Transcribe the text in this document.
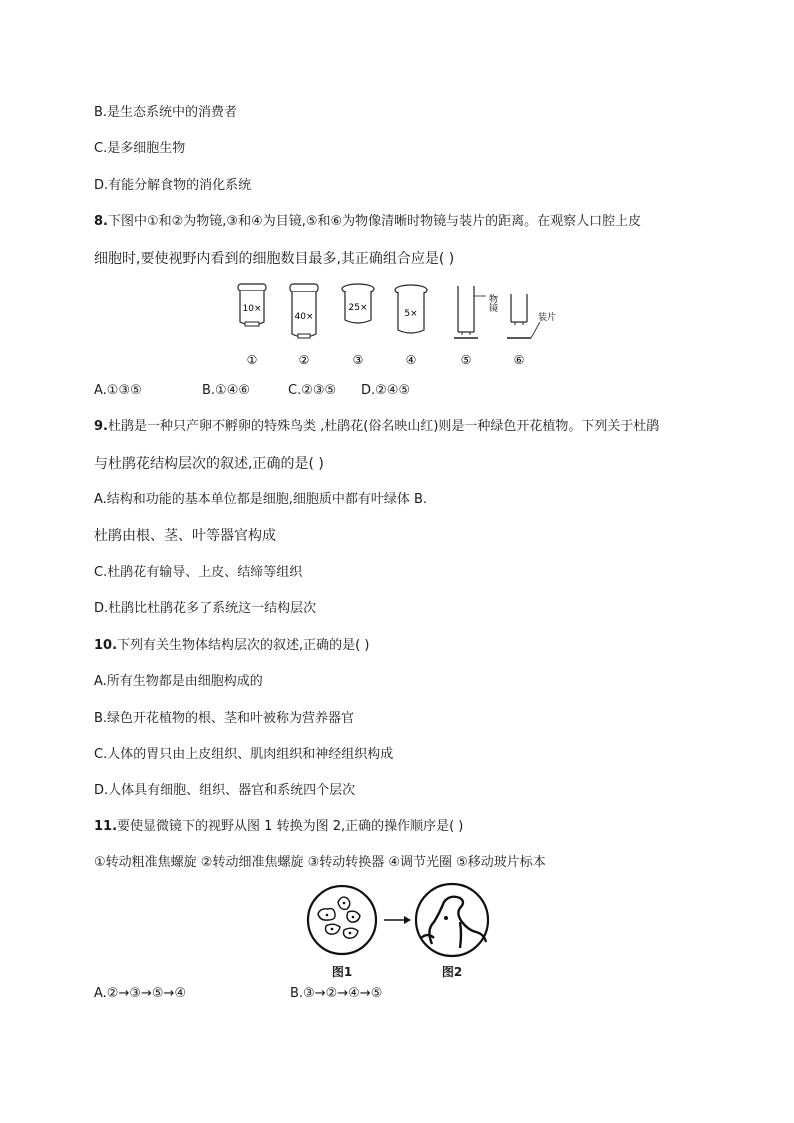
B.是生态系统中的消费者
C.是多细胞生物
D.有能分解食物的消化系统
8.下图中①和②为物镜,③和④为目镜,⑤和⑥为物像清晰时物镜与装片的距离。在观察人口腔上皮
细胞时,要使视野内看到的细胞数目最多,其正确组合应是( )
10×
40×
25×
5×
物镜
装片
①	②	③	④	⑤	⑥
A.①③⑤	B.①④⑥	C.②③⑤ D.②④⑤
9.杜鹃是一种只产卵不孵卵的特殊鸟类 ,杜鹃花(俗名映山红)则是一种绿色开花植物。下列关于杜鹃
与杜鹃花结构层次的叙述,正确的是( )
A.结构和功能的基本单位都是细胞,细胞质中都有叶绿体 B.
杜鹃由根、茎、叶等器官构成
C.杜鹃花有输导、上皮、结缔等组织
D.杜鹃比杜鹃花多了系统这一结构层次
10.下列有关生物体结构层次的叙述,正确的是( )
A.所有生物都是由细胞构成的
B.绿色开花植物的根、茎和叶被称为营养器官
C.人体的胃只由上皮组织、肌肉组织和神经组织构成
D.人体具有细胞、组织、器官和系统四个层次
11.要使显微镜下的视野从图 1 转换为图 2,正确的操作顺序是( )
①转动粗准焦螺旋 ②转动细准焦螺旋 ③转动转换器 ④调节光圈 ⑤移动玻片标本
图1	图2
A.②→③→⑤→④	B.③→②→④→⑤
